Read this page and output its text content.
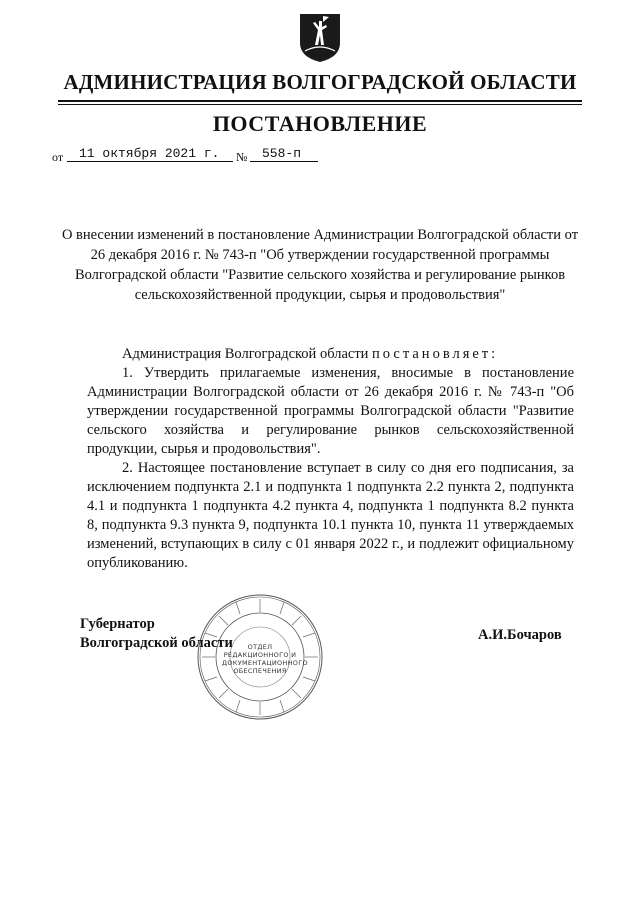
АДМИНИСТРАЦИЯ ВОЛГОГРАДСКОЙ ОБЛАСТИ
ПОСТАНОВЛЕНИЕ
от	11 октября 2021 г.	№	558-п
О внесении изменений в постановление Администрации Волгоградской области от 26 декабря 2016 г. № 743-п "Об утверждении государственной программы Волгоградской области "Развитие сельского хозяйства и регулирование рынков сельскохозяйственной продукции, сырья и продовольствия"

Администрация Волгоградской области постановляет:

1. Утвердить прилагаемые изменения, вносимые в постановление Администрации Волгоградской области от 26 декабря 2016 г. № 743-п "Об утверждении государственной программы Волгоградской области "Развитие сельского хозяйства и регулирование рынков сельскохозяйственной продукции, сырья и продовольствия".

2. Настоящее постановление вступает в силу со дня его подписания, за исключением подпункта 2.1 и подпункта 1 подпункта 2.2 пункта 2, подпункта 4.1 и подпункта 1 подпункта 4.2 пункта 4, подпункта 1 подпункта 8.2 пункта 8, подпункта 9.3 пункта 9, подпункта 10.1 пункта 10, пункта 11 утверждаемых изменений, вступающих в силу с 01 января 2022 г., и подлежит официальному опубликованию.

ОТДЕЛ РЕДАКЦИОННОГО И ДОКУМЕНТАЦИОННОГО ОБЕСПЕЧЕНИЯ
Губернатор
Волгоградской области	А.И.Бочаров
